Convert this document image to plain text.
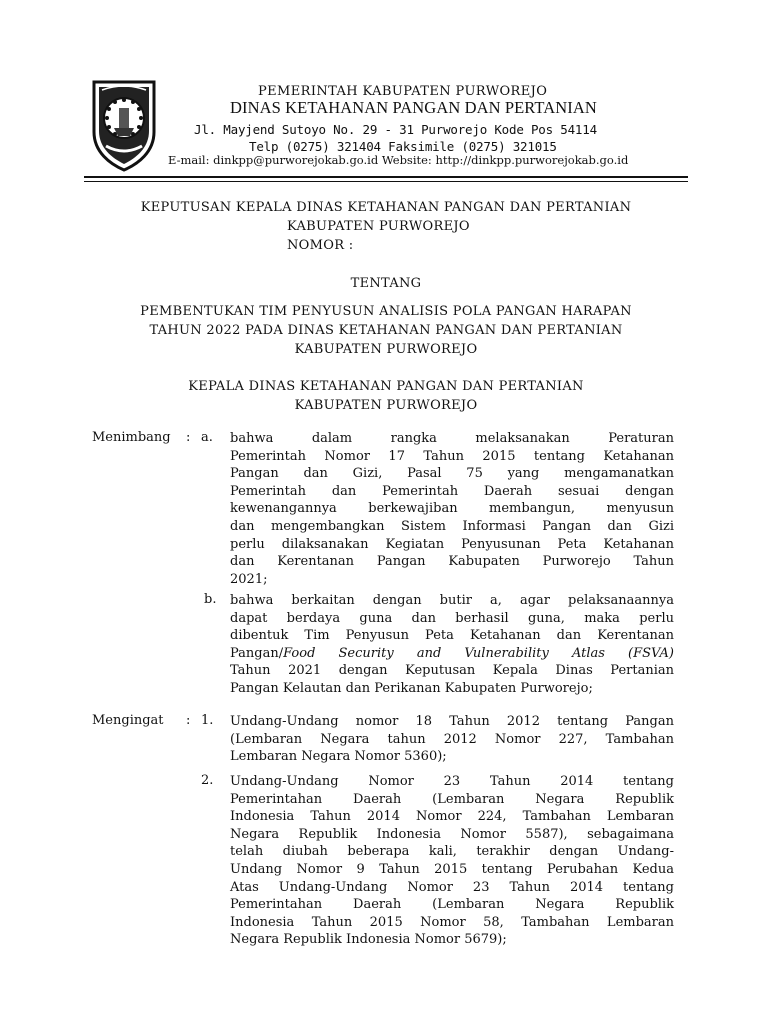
PEMERINTAH KABUPATEN PURWOREJO
DINAS KETAHANAN PANGAN DAN PERTANIAN
Jl. Mayjend Sutoyo No. 29 - 31 Purworejo Kode Pos 54114
Telp (0275) 321404 Faksimile (0275) 321015
E-mail: dinkpp@purworejokab.go.id Website: http://dinkpp.purworejokab.go.id
KEPUTUSAN KEPALA DINAS KETAHANAN PANGAN DAN PERTANIAN
KABUPATEN PURWOREJO
NOMOR :
TENTANG
PEMBENTUKAN TIM PENYUSUN ANALISIS POLA PANGAN HARAPAN
TAHUN 2022 PADA DINAS KETAHANAN PANGAN DAN PERTANIAN
KABUPATEN PURWOREJO
KEPALA DINAS KETAHANAN PANGAN DAN PERTANIAN
KABUPATEN PURWOREJO
Menimbang : a. bahwa dalam rangka melaksanakan Peraturan
Pemerintah Nomor 17 Tahun 2015 tentang Ketahanan
Pangan dan Gizi, Pasal 75 yang mengamanatkan
Pemerintah dan Pemerintah Daerah sesuai dengan
kewenangannya berkewajiban membangun, menyusun
dan mengembangkan Sistem Informasi Pangan dan Gizi
perlu dilaksanakan Kegiatan Penyusunan Peta Ketahanan
dan Kerentanan Pangan Kabupaten Purworejo Tahun
2021;
b. bahwa berkaitan dengan butir a, agar pelaksanaannya
dapat berdaya guna dan berhasil guna, maka perlu
dibentuk Tim Penyusun Peta Ketahanan dan Kerentanan
Pangan/Food Security and Vulnerability Atlas (FSVA)
Tahun 2021 dengan Keputusan Kepala Dinas Pertanian
Pangan Kelautan dan Perikanan Kabupaten Purworejo;
Mengingat : 1. Undang-Undang nomor 18 Tahun 2012 tentang Pangan
(Lembaran Negara tahun 2012 Nomor 227, Tambahan
Lembaran Negara Nomor 5360);
2. Undang-Undang Nomor 23 Tahun 2014 tentang
Pemerintahan Daerah (Lembaran Negara Republik
Indonesia Tahun 2014 Nomor 224, Tambahan Lembaran
Negara Republik Indonesia Nomor 5587), sebagaimana
telah diubah beberapa kali, terakhir dengan Undang-
Undang Nomor 9 Tahun 2015 tentang Perubahan Kedua
Atas Undang-Undang Nomor 23 Tahun 2014 tentang
Pemerintahan Daerah (Lembaran Negara Republik
Indonesia Tahun 2015 Nomor 58, Tambahan Lembaran
Negara Republik Indonesia Nomor 5679);
